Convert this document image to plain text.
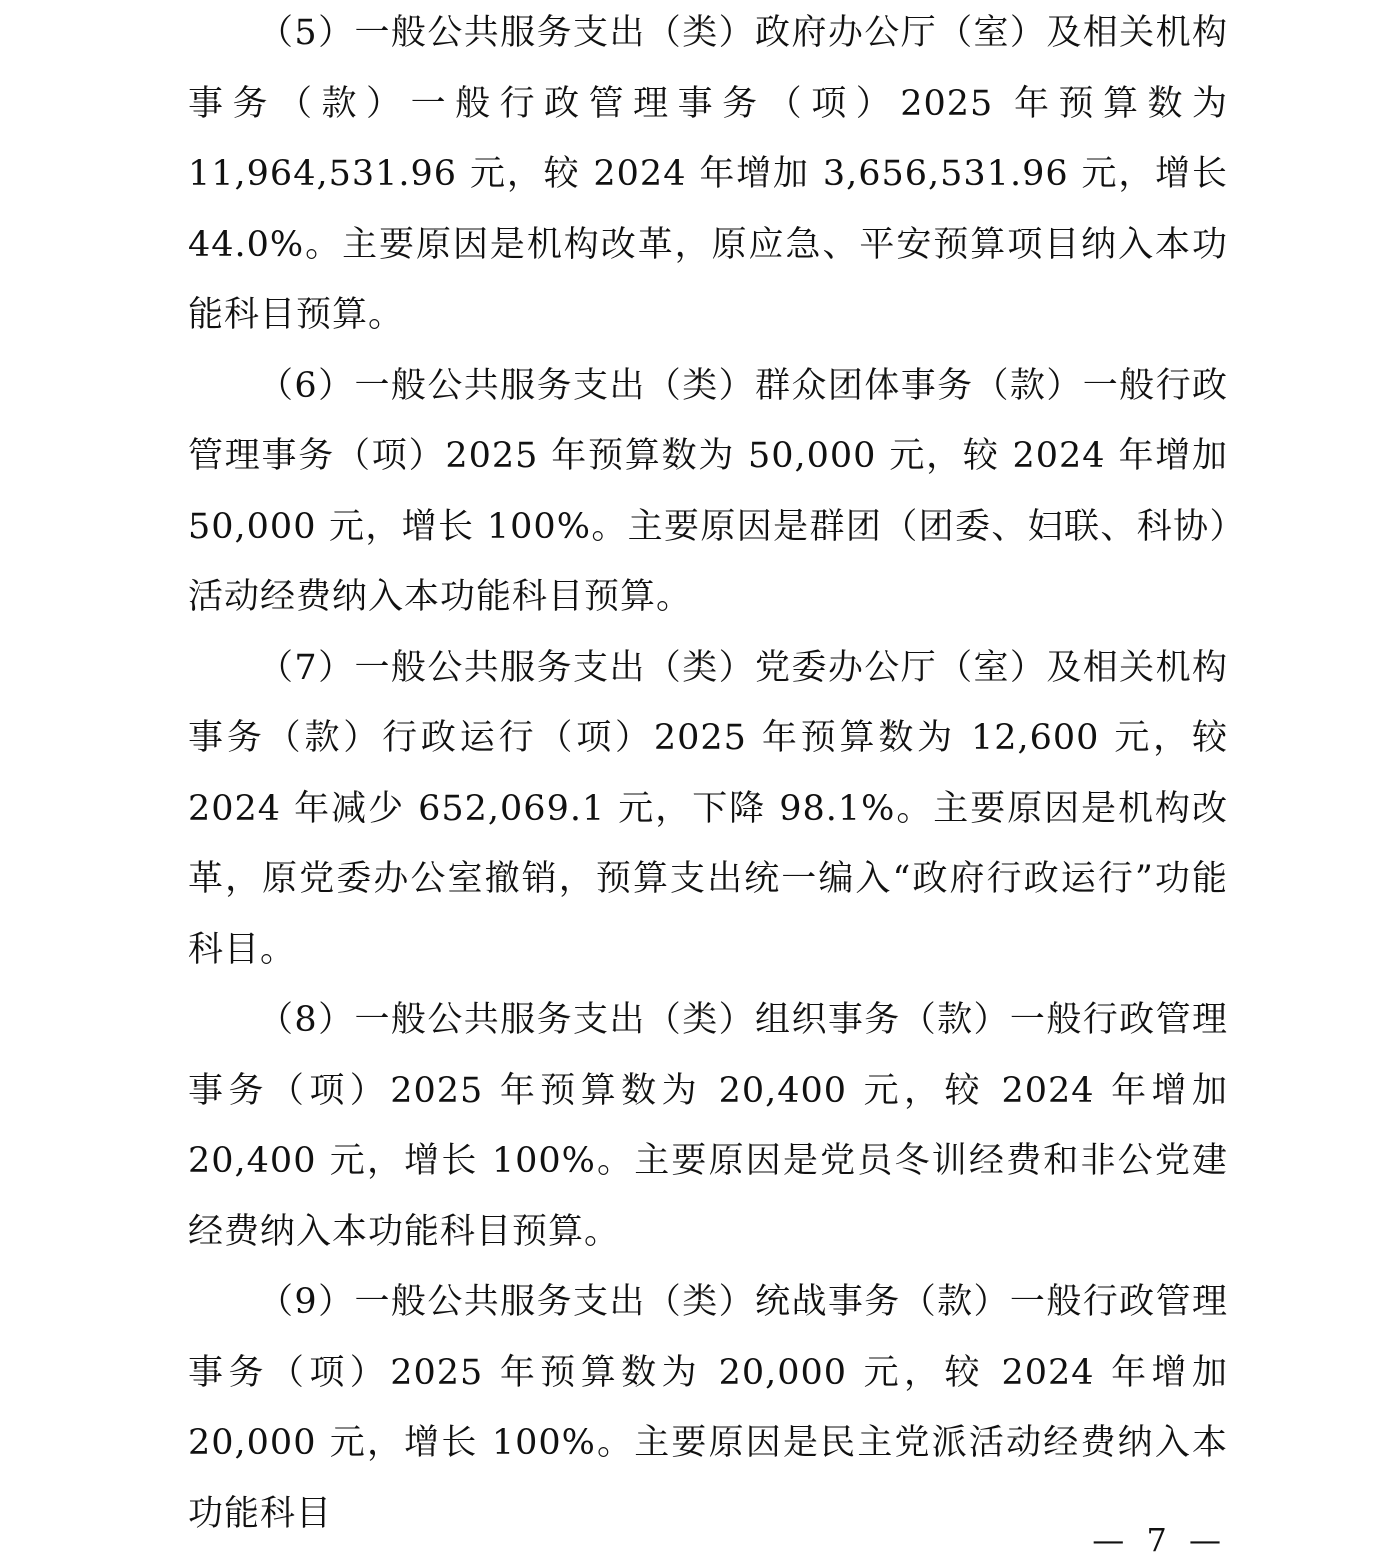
（5）一般公共服务支出（类）政府办公厅（室）及相关机构事务（款）一般行政管理事务（项）2025 年预算数为 11,964,531.96 元，较 2024 年增加 3,656,531.96 元，增长 44.0%。主要原因是机构改革，原应急、平安预算项目纳入本功能科目预算。

（6）一般公共服务支出（类）群众团体事务（款）一般行政管理事务（项）2025 年预算数为 50,000 元，较 2024 年增加 50,000 元，增长 100%。主要原因是群团（团委、妇联、科协）活动经费纳入本功能科目预算。

（7）一般公共服务支出（类）党委办公厅（室）及相关机构事务（款）行政运行（项）2025 年预算数为 12,600 元，较 2024 年减少 652,069.1 元，下降 98.1%。主要原因是机构改革，原党委办公室撤销，预算支出统一编入“政府行政运行”功能科目。

（8）一般公共服务支出（类）组织事务（款）一般行政管理事务（项）2025 年预算数为 20,400 元，较 2024 年增加 20,400 元，增长 100%。主要原因是党员冬训经费和非公党建经费纳入本功能科目预算。

（9）一般公共服务支出（类）统战事务（款）一般行政管理事务（项）2025 年预算数为 20,000 元，较 2024 年增加 20,000 元，增长 100%。主要原因是民主党派活动经费纳入本功能科目

— 7 —
